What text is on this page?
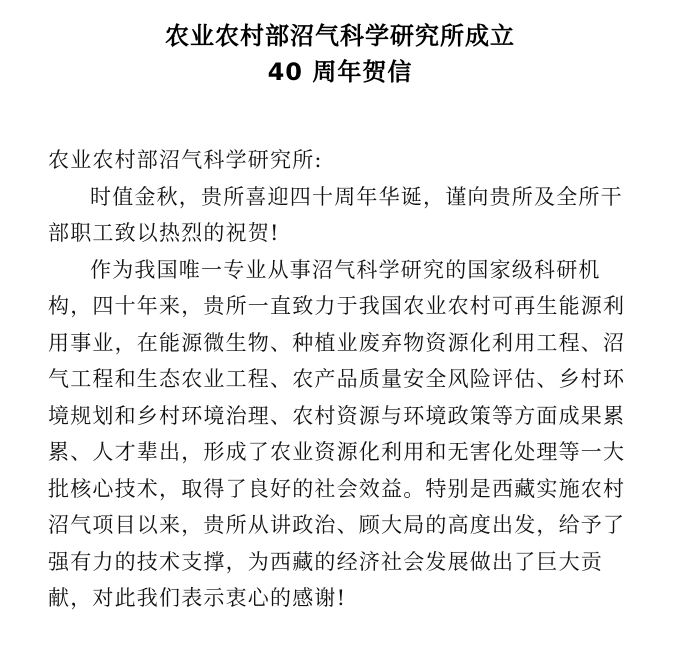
农业农村部沼气科学研究所成立
40 周年贺信
农业农村部沼气科学研究所:
时值金秋，贵所喜迎四十周年华诞，谨向贵所及全所干
部职工致以热烈的祝贺!
作为我国唯一专业从事沼气科学研究的国家级科研机
构，四十年来，贵所一直致力于我国农业农村可再生能源利
用事业，在能源微生物、种植业废弃物资源化利用工程、沼
气工程和生态农业工程、农产品质量安全风险评估、乡村环
境规划和乡村环境治理、农村资源与环境政策等方面成果累
累、人才辈出，形成了农业资源化利用和无害化处理等一大
批核心技术，取得了良好的社会效益。特别是西藏实施农村
沼气项目以来，贵所从讲政治、顾大局的高度出发，给予了
强有力的技术支撑，为西藏的经济社会发展做出了巨大贡
献，对此我们表示衷心的感谢!
